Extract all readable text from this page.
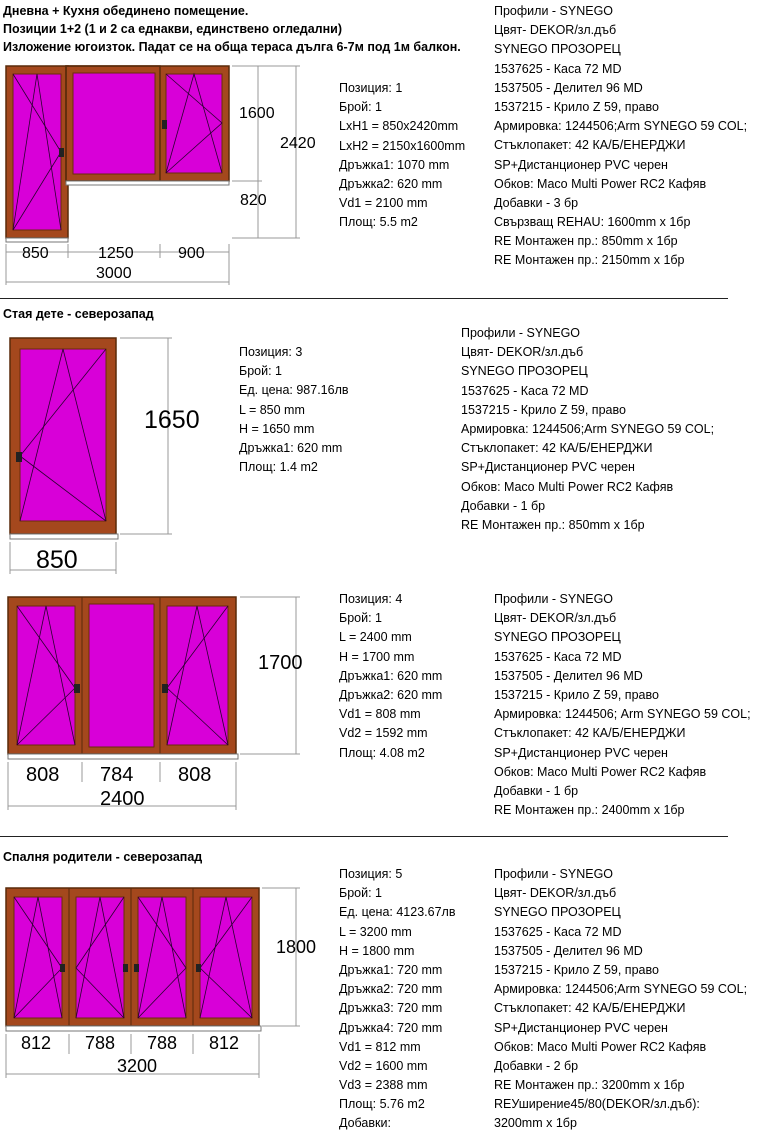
Дневна + Кухня обединено помещение.
Позиции 1+2 (1 и 2 са еднакви, единствено огледални)
Изложение югоизток. Падат се на обща тераса дълга 6-7м под 1м балкон.
1600
2420
820
850	1250	900
3000
Позиция: 1
Брой: 1
LxH1 = 850x2420mm
LxH2 = 2150x1600mm
Дръжка1: 1070 mm
Дръжка2: 620 mm
Vd1 = 2100 mm
Площ: 5.5 m2
Профили - SYNEGO
Цвят- DEKOR/зл.дъб
SYNEGO ПРОЗОРЕЦ
1537625 - Каса 72 MD
1537505 - Делител 96 MD
1537215 - Крило Z 59, право
Армировка: 1244506;Arm SYNEGO 59 COL;
Стъклопакет: 42 КА/Б/ЕНЕРДЖИ
SP+Дистанционер PVC черен
Обков: Maco Multi Power RC2 Кафяв
Добавки - 3 бр
Свързващ REHAU: 1600mm x 1бр
RE Монтажен пр.: 850mm x 1бр
RE Монтажен пр.: 2150mm x 1бр
Стая дете - северозапад
1650
850
Позиция: 3
Брой: 1
Ед. цена: 987.16лв
L = 850 mm
H = 1650 mm
Дръжка1: 620 mm
Площ: 1.4 m2
Профили - SYNEGO
Цвят- DEKOR/зл.дъб
SYNEGO ПРОЗОРЕЦ
1537625 - Каса 72 MD
1537215 - Крило Z 59, право
Армировка: 1244506;Arm SYNEGO 59 COL;
Стъклопакет: 42 КА/Б/ЕНЕРДЖИ
SP+Дистанционер PVC черен
Обков: Maco Multi Power RC2 Кафяв
Добавки - 1 бр
RE Монтажен пр.: 850mm x 1бр
1700
808 784 808
2400
Позиция: 4
Брой: 1
L = 2400 mm
H = 1700 mm
Дръжка1: 620 mm
Дръжка2: 620 mm
Vd1 = 808 mm
Vd2 = 1592 mm
Площ: 4.08 m2
Профили - SYNEGO
Цвят- DEKOR/зл.дъб
SYNEGO ПРОЗОРЕЦ
1537625 - Каса 72 MD
1537505 - Делител 96 MD
1537215 - Крило Z 59, право
Армировка: 1244506; Arm SYNEGO 59 COL;
Стъклопакет: 42 КА/Б/ЕНЕРДЖИ
SP+Дистанционер PVC черен
Обков: Maco Multi Power RC2 Кафяв
Добавки - 1 бр
RE Монтажен пр.: 2400mm x 1бр
Спалня родители - северозапад
1800
812 788 788 812
3200
Позиция: 5
Брой: 1
Ед. цена: 4123.67лв
L = 3200 mm
H = 1800 mm
Дръжка1: 720 mm
Дръжка2: 720 mm
Дръжка3: 720 mm
Дръжка4: 720 mm
Vd1 = 812 mm
Vd2 = 1600 mm
Vd3 = 2388 mm
Площ: 5.76 m2
Добавки:
Профили - SYNEGO
Цвят- DEKOR/зл.дъб
SYNEGO ПРОЗОРЕЦ
1537625 - Каса 72 MD
1537505 - Делител 96 MD
1537215 - Крило Z 59, право
Армировка: 1244506;Arm SYNEGO 59 COL;
Стъклопакет: 42 КА/Б/ЕНЕРДЖИ
SP+Дистанционер PVC черен
Обков: Maco Multi Power RC2 Кафяв
Добавки - 2 бр
RE Монтажен пр.: 3200mm x 1бр
REУширение45/80(DEKOR/зл.дъб):
3200mm x 1бр
